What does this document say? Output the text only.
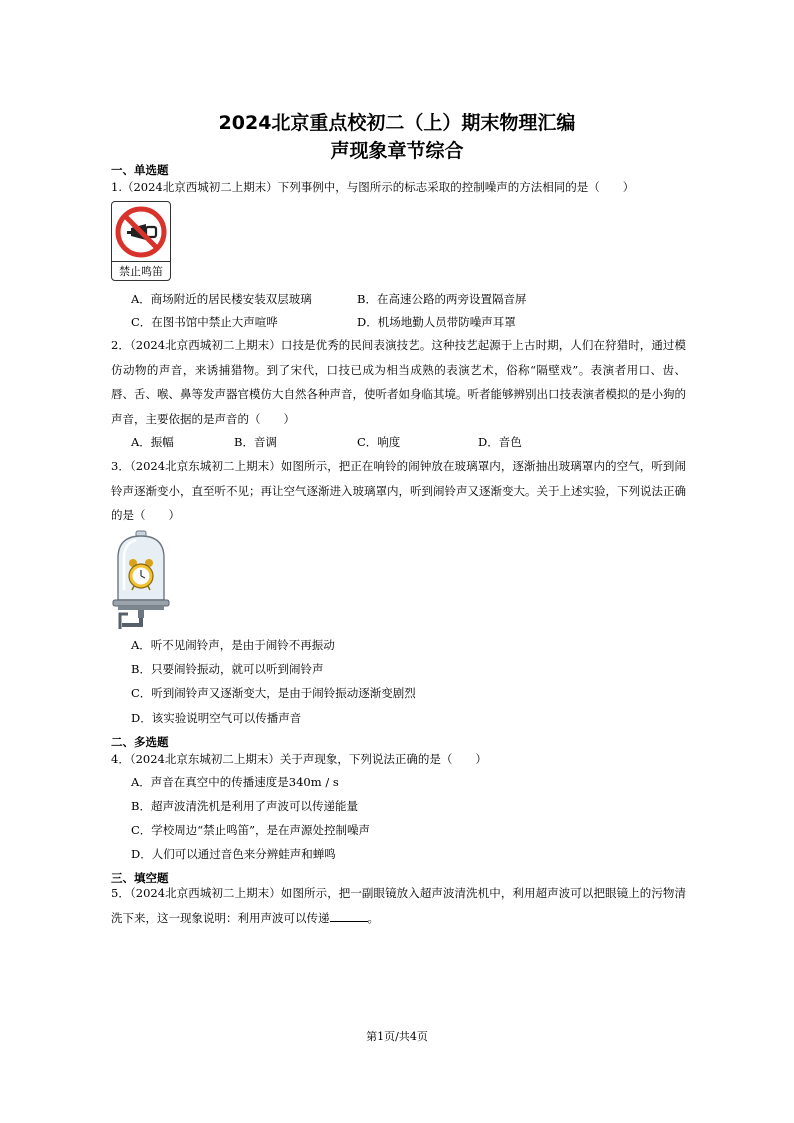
2024北京重点校初二（上）期末物理汇编
声现象章节综合
一、单选题
1.（2024北京西城初二上期末）下列事例中，与图所示的标志采取的控制噪声的方法相同的是（　　）
禁止鸣笛
A．商场附近的居民楼安装双层玻璃	B．在高速公路的两旁设置隔音屏
C．在图书馆中禁止大声喧哗	D．机场地勤人员带防噪声耳罩
2．（2024北京西城初二上期末）口技是优秀的民间表演技艺。这种技艺起源于上古时期，人们在狩猎时，通过模仿动物的声音，来诱捕猎物。到了宋代，口技已成为相当成熟的表演艺术，俗称“隔壁戏”。表演者用口、齿、唇、舌、喉、鼻等发声器官模仿大自然各种声音，使听者如身临其境。听者能够辨别出口技表演者模拟的是小狗的声音，主要依据的是声音的（　　）
A．振幅	B．音调	C．响度	D．音色
3．（2024北京东城初二上期末）如图所示，把正在响铃的闹钟放在玻璃罩内，逐渐抽出玻璃罩内的空气，听到闹铃声逐渐变小，直至听不见；再让空气逐渐进入玻璃罩内，听到闹铃声又逐渐变大。关于上述实验，下列说法正确的是（　　）
A．听不见闹铃声，是由于闹铃不再振动
B．只要闹铃振动，就可以听到闹铃声
C．听到闹铃声又逐渐变大，是由于闹铃振动逐渐变剧烈
D．该实验说明空气可以传播声音
二、多选题
4．（2024北京东城初二上期末）关于声现象，下列说法正确的是（　　）
A．声音在真空中的传播速度是340m / s
B．超声波清洗机是利用了声波可以传递能量
C．学校周边“禁止鸣笛”，是在声源处控制噪声
D．人们可以通过音色来分辨蛙声和蝉鸣
三、填空题
5．（2024北京西城初二上期末）如图所示，把一副眼镜放入超声波清洗机中，利用超声波可以把眼镜上的污物清洗下来，这一现象说明：利用声波可以传递	。
第1页/共4页
